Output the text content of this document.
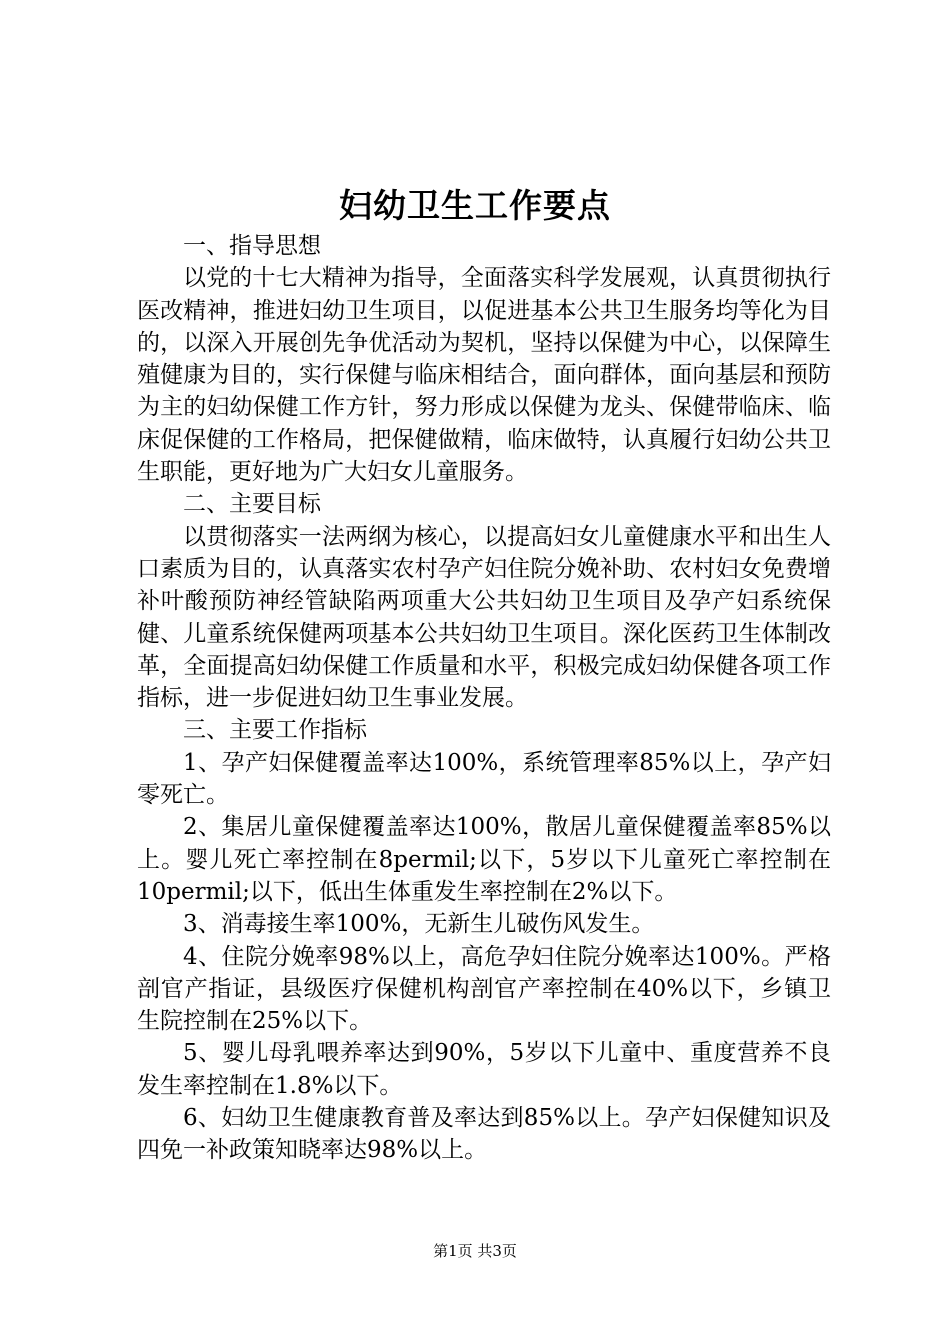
妇幼卫生工作要点

一、指导思想

以党的十七大精神为指导，全面落实科学发展观，认真贯彻执行医改精神，推进妇幼卫生项目，以促进基本公共卫生服务均等化为目的，以深入开展创先争优活动为契机，坚持以保健为中心，以保障生殖健康为目的，实行保健与临床相结合，面向群体，面向基层和预防为主的妇幼保健工作方针，努力形成以保健为龙头、保健带临床、临床促保健的工作格局，把保健做精，临床做特，认真履行妇幼公共卫生职能，更好地为广大妇女儿童服务。

二、主要目标

以贯彻落实一法两纲为核心，以提高妇女儿童健康水平和出生人口素质为目的，认真落实农村孕产妇住院分娩补助、农村妇女免费增补叶酸预防神经管缺陷两项重大公共妇幼卫生项目及孕产妇系统保健、儿童系统保健两项基本公共妇幼卫生项目。深化医药卫生体制改革，全面提高妇幼保健工作质量和水平，积极完成妇幼保健各项工作指标，进一步促进妇幼卫生事业发展。

三、主要工作指标

1、孕产妇保健覆盖率达100%，系统管理率85%以上，孕产妇零死亡。

2、集居儿童保健覆盖率达100%，散居儿童保健覆盖率85%以上。婴儿死亡率控制在8permil;以下，5岁以下儿童死亡率控制在10permil;以下，低出生体重发生率控制在2%以下。

3、消毒接生率100%，无新生儿破伤风发生。

4、住院分娩率98%以上，高危孕妇住院分娩率达100%。严格剖官产指证，县级医疗保健机构剖官产率控制在40%以下，乡镇卫生院控制在25%以下。

5、婴儿母乳喂养率达到90%，5岁以下儿童中、重度营养不良发生率控制在1.8%以下。

6、妇幼卫生健康教育普及率达到85%以上。孕产妇保健知识及四免一补政策知晓率达98%以上。

第1页 共3页
